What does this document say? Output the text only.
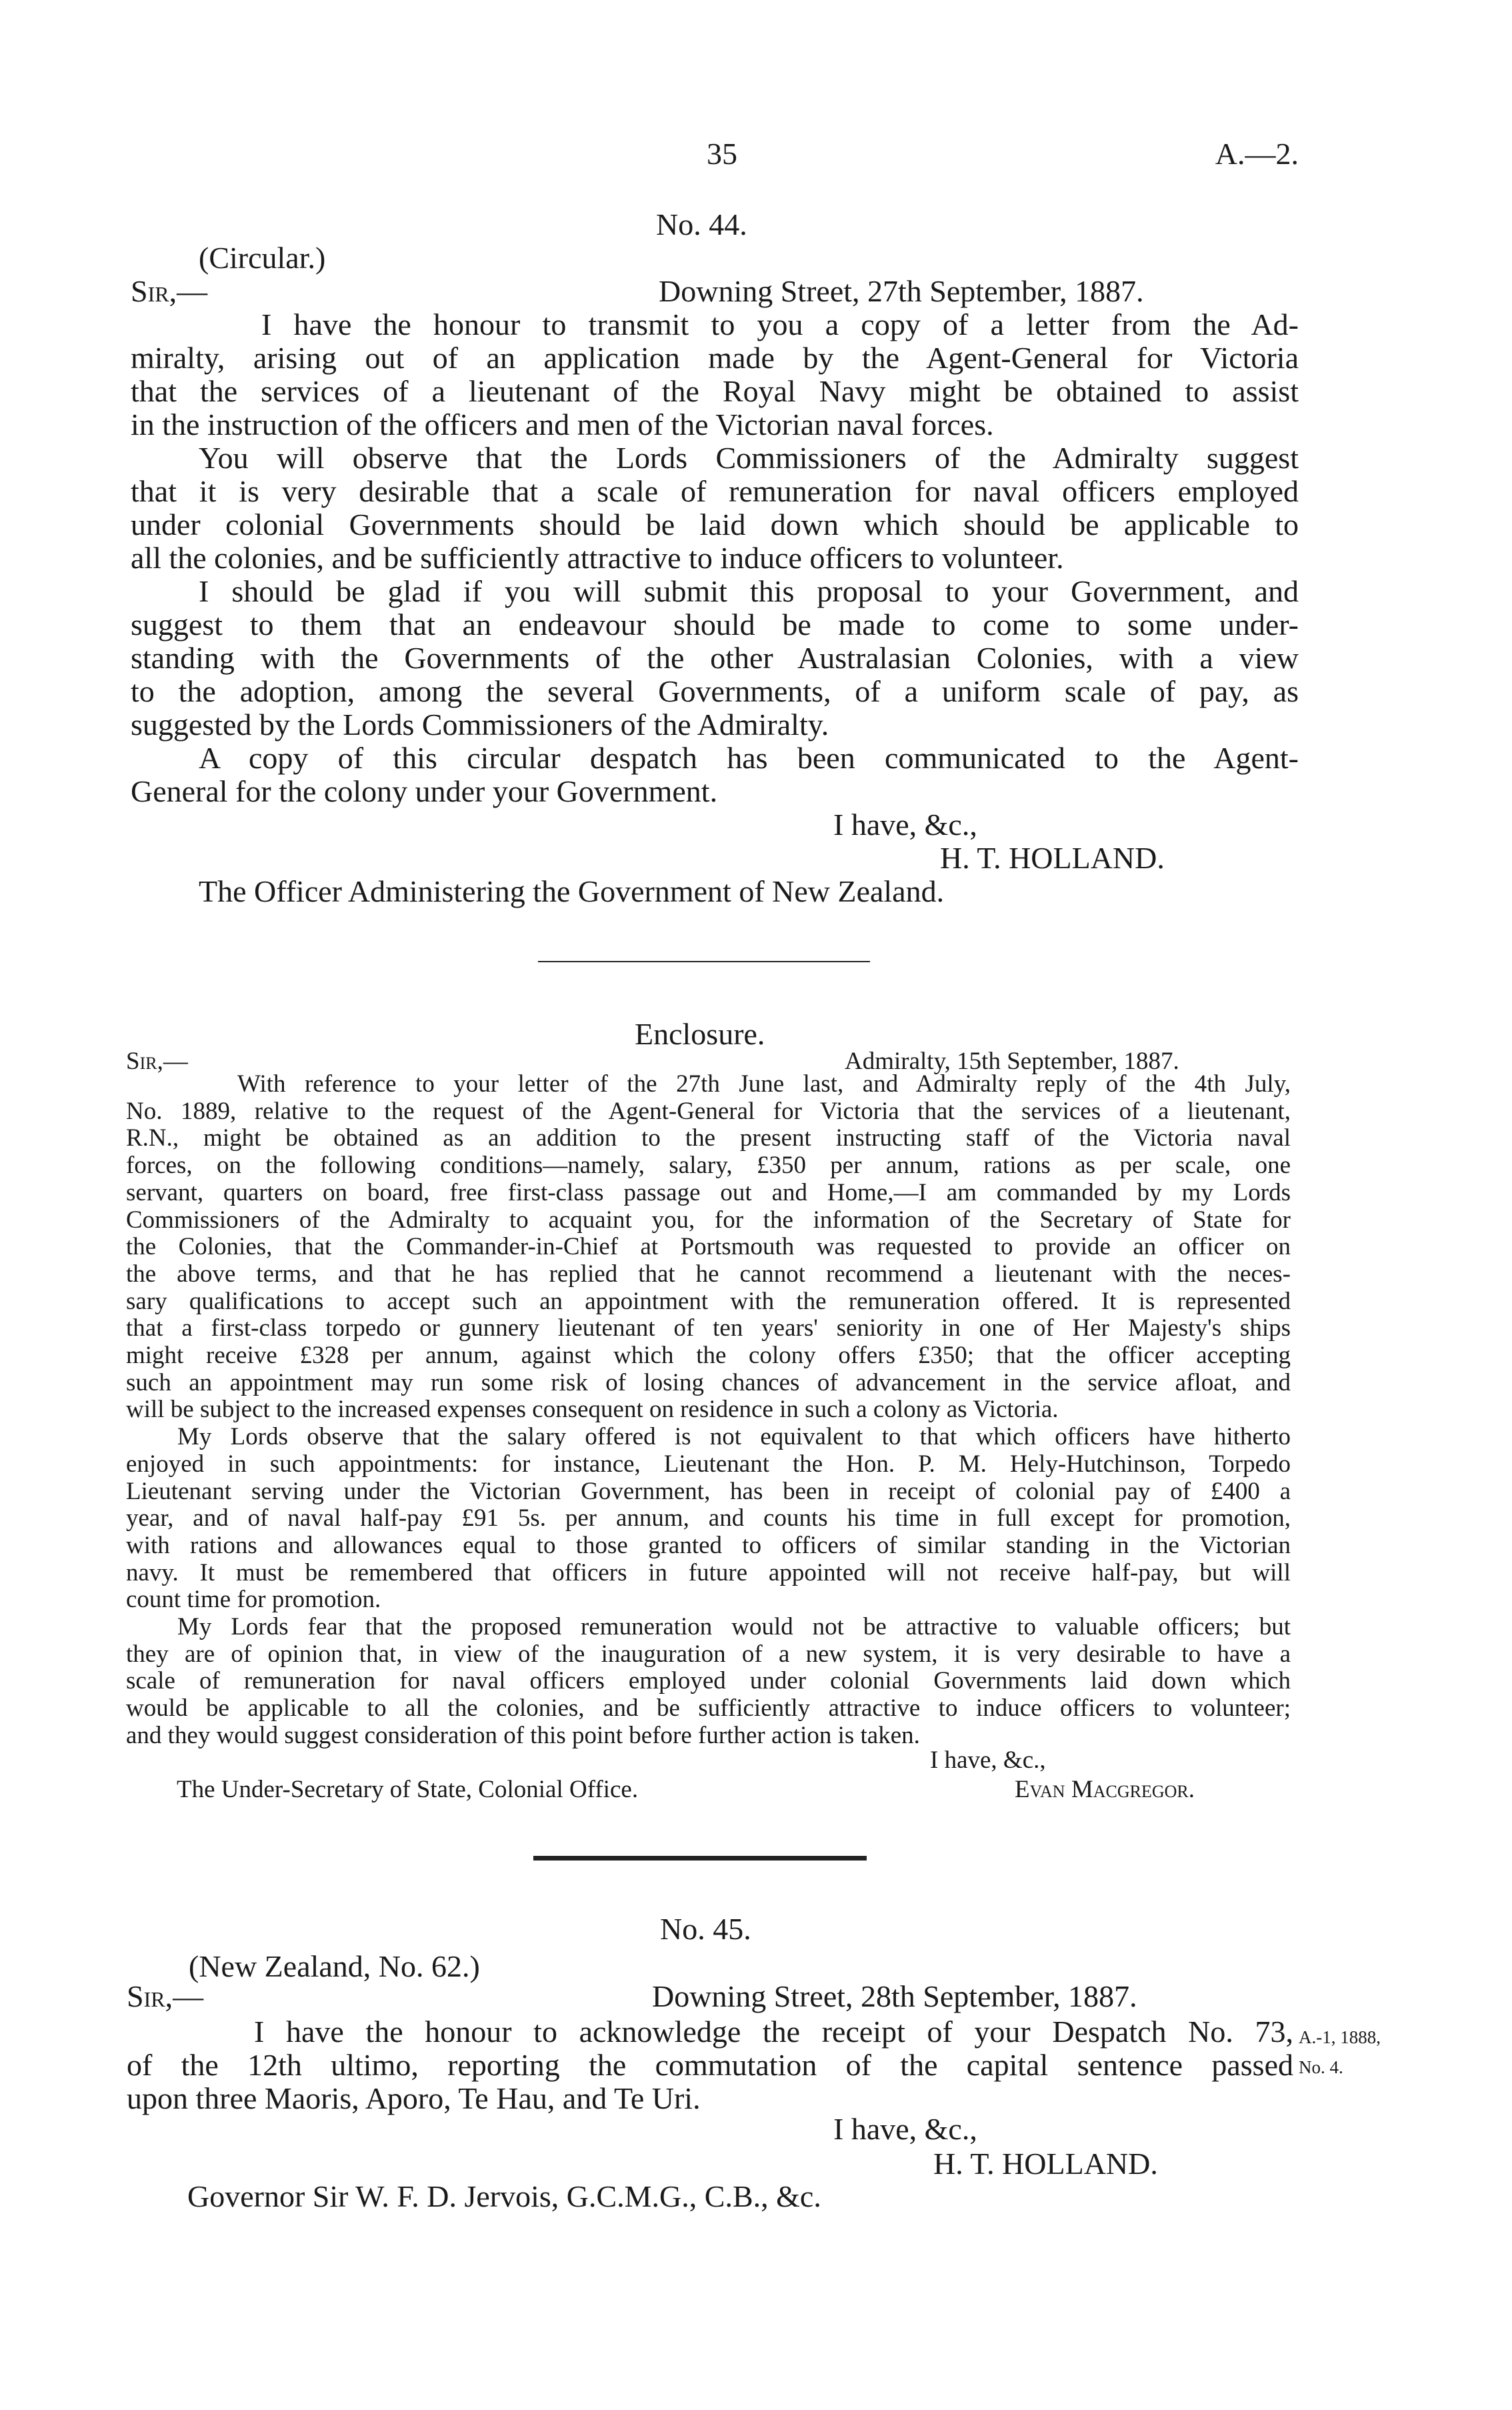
35	A.—2.
No. 44.
(Circular.)
Sir,—	Downing Street, 27th September, 1887.
I have the honour to transmit to you a copy of a letter from the Ad-
miralty, arising out of an application made by the Agent-General for Victoria
that the services of a lieutenant of the Royal Navy might be obtained to assist
in the instruction of the officers and men of the Victorian naval forces.
You will observe that the Lords Commissioners of the Admiralty suggest
that it is very desirable that a scale of remuneration for naval officers employed
under colonial Governments should be laid down which should be applicable to
all the colonies, and be sufficiently attractive to induce officers to volunteer.
I should be glad if you will submit this proposal to your Government, and
suggest to them that an endeavour should be made to come to some under-
standing with the Governments of the other Australasian Colonies, with a view
to the adoption, among the several Governments, of a uniform scale of pay, as
suggested by the Lords Commissioners of the Admiralty.
A copy of this circular despatch has been communicated to the Agent-
General for the colony under your Government.
I have, &c.,
H. T. HOLLAND.
The Officer Administering the Government of New Zealand.
Enclosure.
Sir,—	Admiralty, 15th September, 1887.
With reference to your letter of the 27th June last, and Admiralty reply of the 4th July,
No. 1889, relative to the request of the Agent-General for Victoria that the services of a lieutenant,
R.N., might be obtained as an addition to the present instructing staff of the Victoria naval
forces, on the following conditions—namely, salary, £350 per annum, rations as per scale, one
servant, quarters on board, free first-class passage out and Home,—I am commanded by my Lords
Commissioners of the Admiralty to acquaint you, for the information of the Secretary of State for
the Colonies, that the Commander-in-Chief at Portsmouth was requested to provide an officer on
the above terms, and that he has replied that he cannot recommend a lieutenant with the neces-
sary qualifications to accept such an appointment with the remuneration offered. It is represented
that a first-class torpedo or gunnery lieutenant of ten years' seniority in one of Her Majesty's ships
might receive £328 per annum, against which the colony offers £350; that the officer accepting
such an appointment may run some risk of losing chances of advancement in the service afloat, and
will be subject to the increased expenses consequent on residence in such a colony as Victoria.
My Lords observe that the salary offered is not equivalent to that which officers have hitherto
enjoyed in such appointments: for instance, Lieutenant the Hon. P. M. Hely-Hutchinson, Torpedo
Lieutenant serving under the Victorian Government, has been in receipt of colonial pay of £400 a
year, and of naval half-pay £91 5s. per annum, and counts his time in full except for promotion,
with rations and allowances equal to those granted to officers of similar standing in the Victorian
navy. It must be remembered that officers in future appointed will not receive half-pay, but will
count time for promotion.
My Lords fear that the proposed remuneration would not be attractive to valuable officers; but
they are of opinion that, in view of the inauguration of a new system, it is very desirable to have a
scale of remuneration for naval officers employed under colonial Governments laid down which
would be applicable to all the colonies, and be sufficiently attractive to induce officers to volunteer;
and they would suggest consideration of this point before further action is taken.
I have, &c.,
The Under-Secretary of State, Colonial Office.	Evan Macgregor.
No. 45.
(New Zealand, No. 62.)
Sir,—	Downing Street, 28th September, 1887.
I have the honour to acknowledge the receipt of your Despatch No. 73,
of the 12th ultimo, reporting the commutation of the capital sentence passed
upon three Maoris, Aporo, Te Hau, and Te Uri.
A.-1, 1888,
No. 4.
I have, &c.,
H. T. HOLLAND.
Governor Sir W. F. D. Jervois, G.C.M.G., C.B., &c.
